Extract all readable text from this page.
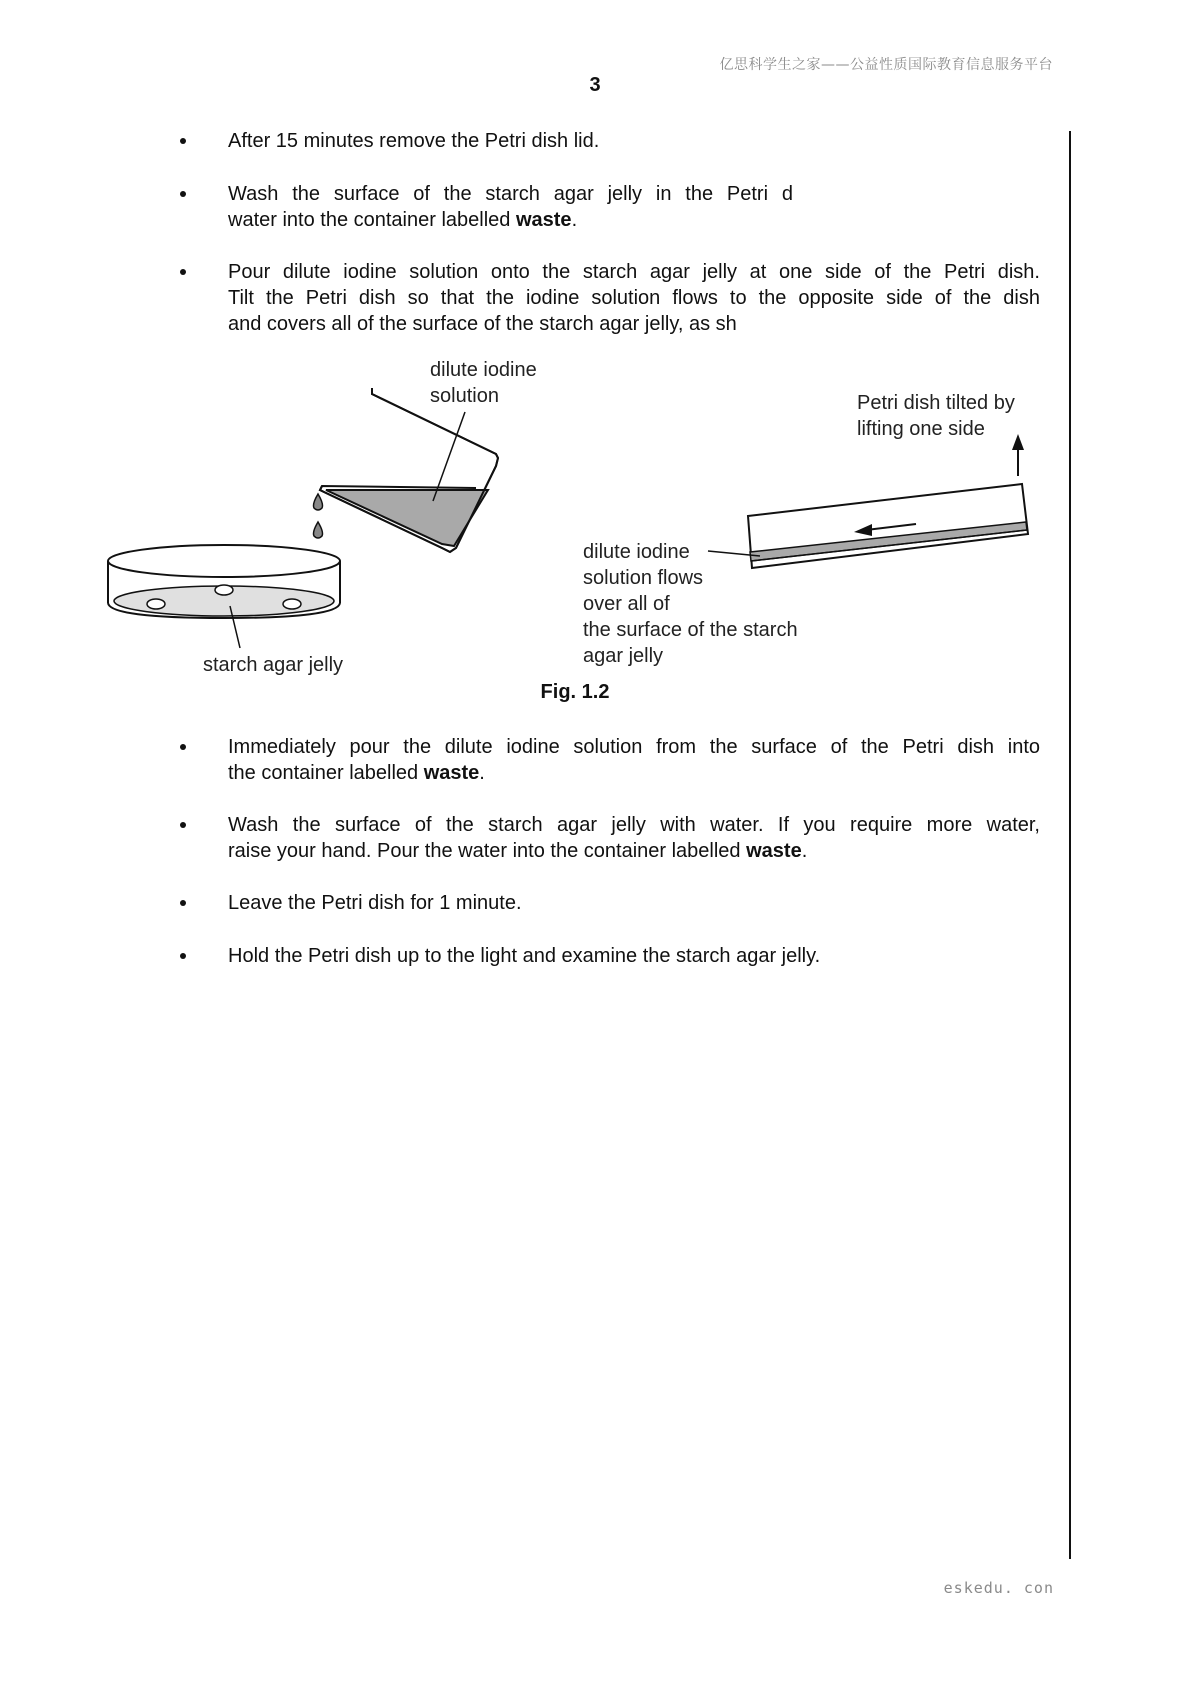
亿思科学生之家——公益性质国际教育信息服务平台
3
After 15 minutes remove the Petri dish lid.
Wash the surface of the starch agar jelly in the Petri d
water into the container labelled waste.
Pour dilute iodine solution onto the starch agar jelly at one side of the Petri dish.
Tilt the Petri dish so that the iodine solution flows to the opposite side of the dish
and covers all of the surface of the starch agar jelly, as sh
dilute iodine
solution	Petri dish tilted by
lifting one side
dilute iodine
solution flows
over all of
the surface of the starch
agar jelly
starch agar jelly
Fig. 1.2
Immediately pour the dilute iodine solution from the surface of the Petri dish into
the container labelled waste.
Wash the surface of the starch agar jelly with water. If you require more water,
raise your hand. Pour the water into the container labelled waste.
Leave the Petri dish for 1 minute.
Hold the Petri dish up to the light and examine the starch agar jelly.
eskedu. con
